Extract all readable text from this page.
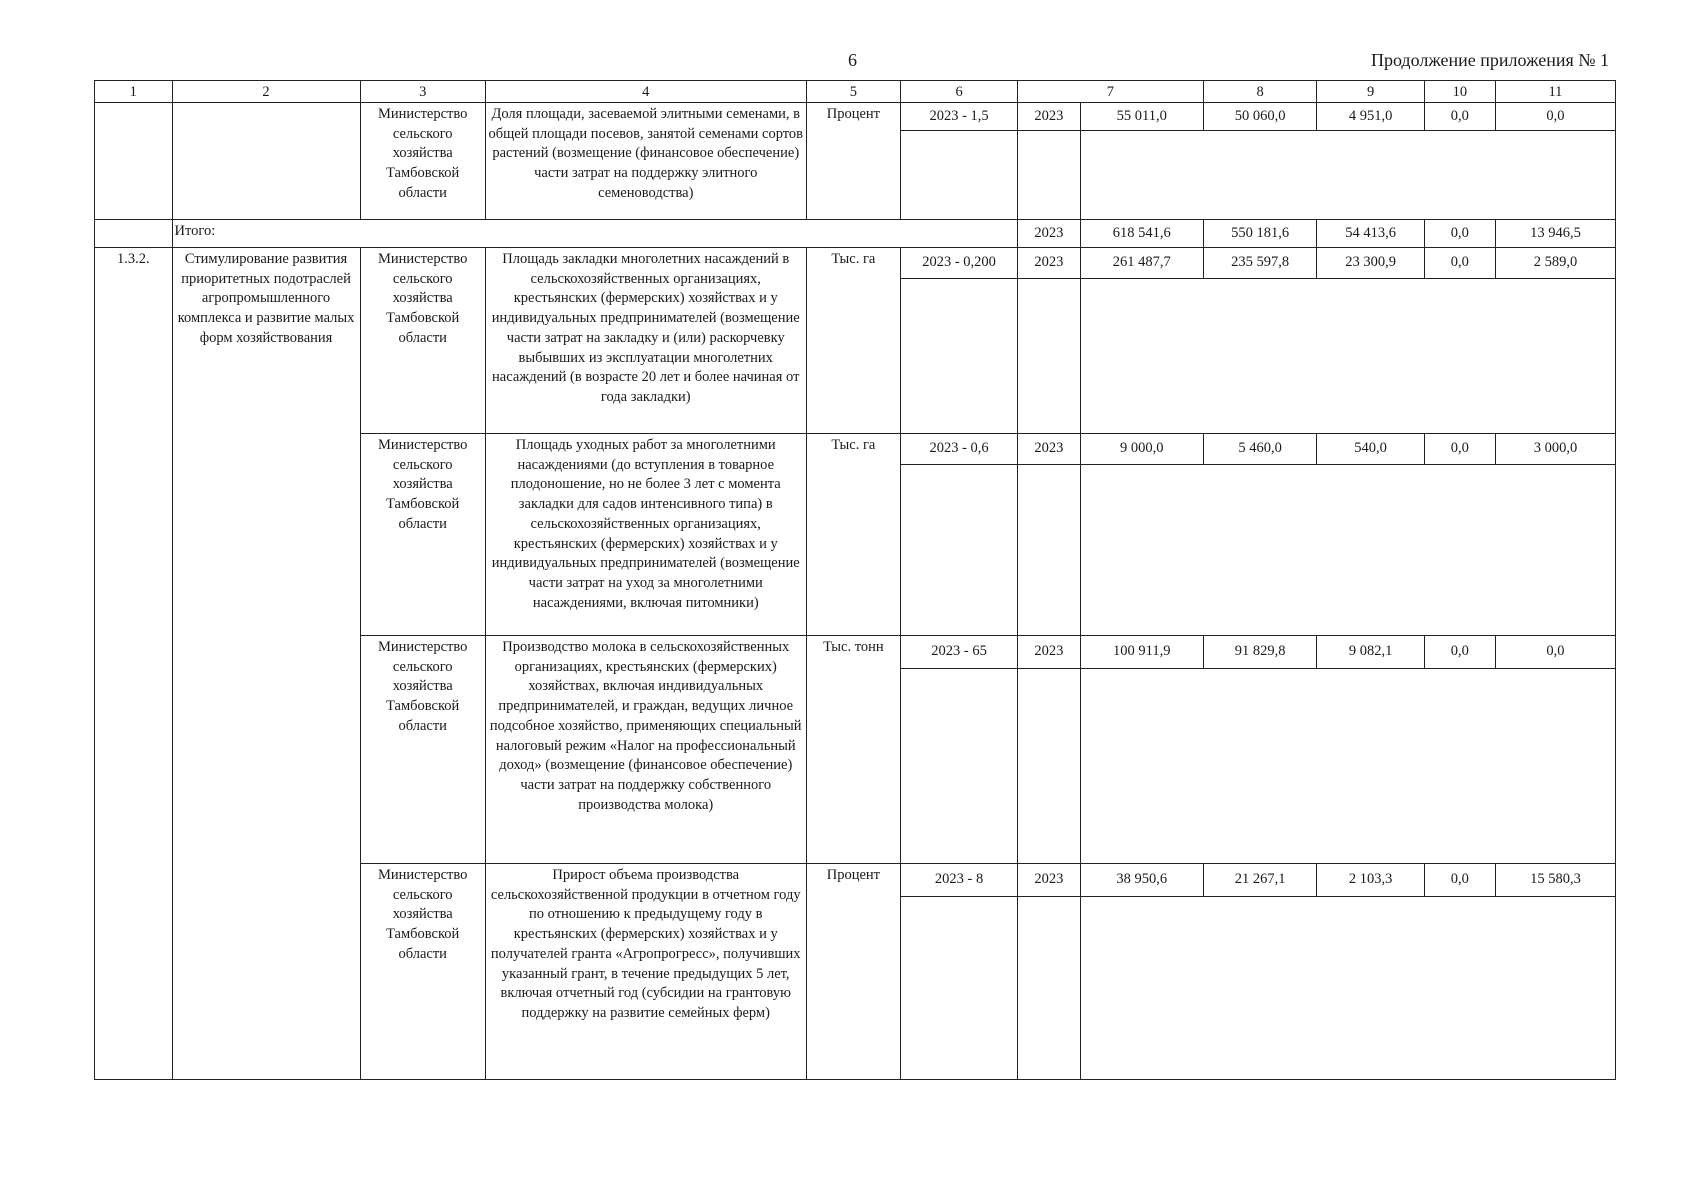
6	Продолжение приложения № 1
1	2	3	4	5	6	7		8	9	10	11
		Министерство сельского хозяйства Тамбовской области	Доля площади, засеваемой элитными семенами, в общей площади посевов, занятой семенами сортов растений (возмещение (финансовое обеспечение) части затрат на поддержку элитного семеноводства)	Процент	2023 - 1,5	2023	55 011,0	50 060,0	4 951,0	0,0	0,0

	Итого:					2023	618 541,6	550 181,6	54 413,6	0,0	13 946,5
1.3.2.	Стимулирование развития приоритетных подотраслей агропромышленного комплекса и развитие малых форм хозяйствования	Министерство сельского хозяйства Тамбовской области	Площадь закладки многолетних насаждений в сельскохозяйственных организациях, крестьянских (фермерских) хозяйствах и у индивидуальных предпринимателей (возмещение части затрат на закладку и (или) раскорчевку выбывших из эксплуатации многолетних насаждений (в возрасте 20 лет и более начиная от года закладки)	Тыс. га	2023 - 0,200	2023	261 487,7	235 597,8	23 300,9	0,0	2 589,0

		Министерство сельского хозяйства Тамбовской области	Площадь уходных работ за многолетними насаждениями (до вступления в товарное плодоношение, но не более 3 лет с момента закладки для садов интенсивного типа) в сельскохозяйственных организациях, крестьянских (фермерских) хозяйствах и у индивидуальных предпринимателей (возмещение части затрат на уход за многолетними насаждениями, включая питомники)	Тыс. га	2023 - 0,6	2023	9 000,0	5 460,0	540,0	0,0	3 000,0

		Министерство сельского хозяйства Тамбовской области	Производство молока в сельскохозяйственных организациях, крестьянских (фермерских) хозяйствах, включая индивидуальных предпринимателей, и граждан, ведущих личное подсобное хозяйство, применяющих специальный налоговый режим «Налог на профессиональный доход» (возмещение (финансовое обеспечение) части затрат на поддержку собственного производства молока)	Тыс. тонн	2023 - 65	2023	100 911,9	91 829,8	9 082,1	0,0	0,0

		Министерство сельского хозяйства Тамбовской области	Прирост объема производства сельскохозяйственной продукции в отчетном году по отношению к предыдущему году в крестьянских (фермерских) хозяйствах и у получателей гранта «Агропрогресс», получивших указанный грант, в течение предыдущих 5 лет, включая отчетный год (субсидии на грантовую поддержку на развитие семейных ферм)	Процент	2023 - 8	2023	38 950,6	21 267,1	2 103,3	0,0	15 580,3
